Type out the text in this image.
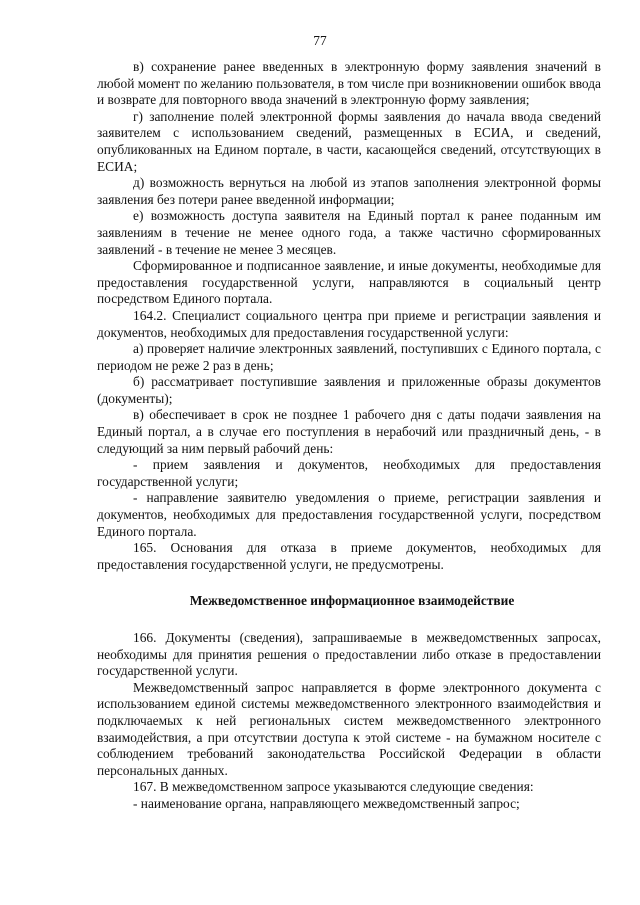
77

в) сохранение ранее введенных в электронную форму заявления значений в любой момент по желанию пользователя, в том числе при возникновении ошибок ввода и возврате для повторного ввода значений в электронную форму заявления;

г) заполнение полей электронной формы заявления до начала ввода сведений заявителем с использованием сведений, размещенных в ЕСИА, и сведений, опубликованных на Едином портале, в части, касающейся сведений, отсутствующих в ЕСИА;

д) возможность вернуться на любой из этапов заполнения электронной формы заявления без потери ранее введенной информации;

е) возможность доступа заявителя на Единый портал к ранее поданным им заявлениям в течение не менее одного года, а также частично сформированных заявлений - в течение не менее 3 месяцев.

Сформированное и подписанное заявление, и иные документы, необходимые для предоставления государственной услуги, направляются в социальный центр посредством Единого портала.

164.2. Специалист социального центра при приеме и регистрации заявления и документов, необходимых для предоставления государственной услуги:

а) проверяет наличие электронных заявлений, поступивших с Единого портала, с периодом не реже 2 раз в день;

б) рассматривает поступившие заявления и приложенные образы документов (документы);

в) обеспечивает в срок не позднее 1 рабочего дня с даты подачи заявления на Единый портал, а в случае его поступления в нерабочий или праздничный день, - в следующий за ним первый рабочий день:

- прием заявления и документов, необходимых для предоставления государственной услуги;

- направление заявителю уведомления о приеме, регистрации заявления и документов, необходимых для предоставления государственной услуги, посредством Единого портала.

165. Основания для отказа в приеме документов, необходимых для предоставления государственной услуги, не предусмотрены.

Межведомственное информационное взаимодействие

166. Документы (сведения), запрашиваемые в межведомственных запросах, необходимы для принятия решения о предоставлении либо отказе в предоставлении государственной услуги.

Межведомственный запрос направляется в форме электронного документа с использованием единой системы межведомственного электронного взаимодействия и подключаемых к ней региональных систем межведомственного электронного взаимодействия, а при отсутствии доступа к этой системе - на бумажном носителе с соблюдением требований законодательства Российской Федерации в области персональных данных.

167. В межведомственном запросе указываются следующие сведения:

- наименование органа, направляющего межведомственный запрос;
